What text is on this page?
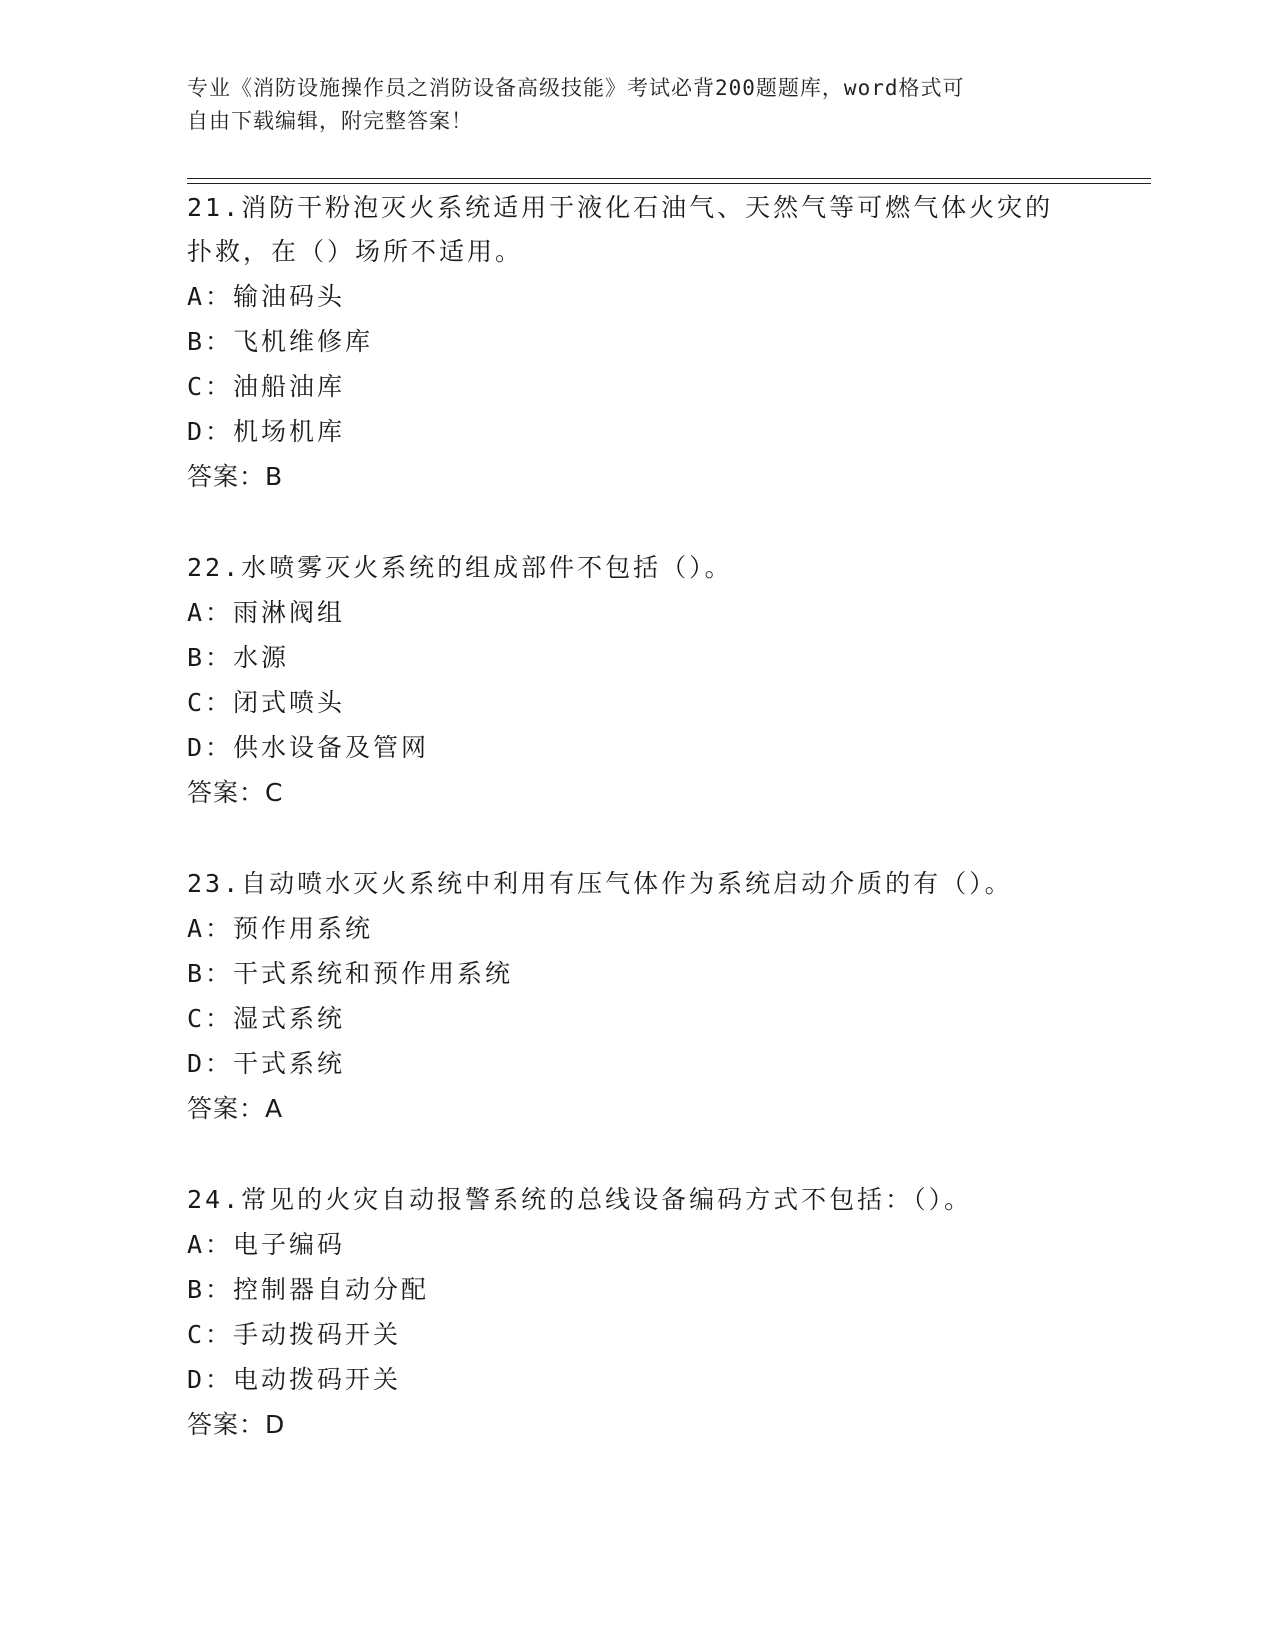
专业《消防设施操作员之消防设备高级技能》考试必背200题题库，word格式可
自由下载编辑，附完整答案！

21.消防干粉泡灭火系统适用于液化石油气、天然气等可燃气体火灾的

扑救，在（）场所不适用。

A：输油码头

B：飞机维修库

C：油船油库

D：机场机库

答案：B

22.水喷雾灭火系统的组成部件不包括（）。

A：雨淋阀组

B：水源

C：闭式喷头

D：供水设备及管网

答案：C

23.自动喷水灭火系统中利用有压气体作为系统启动介质的有（）。

A：预作用系统

B：干式系统和预作用系统

C：湿式系统

D：干式系统

答案：A

24.常见的火灾自动报警系统的总线设备编码方式不包括：（）。

A：电子编码

B：控制器自动分配

C：手动拨码开关

D：电动拨码开关

答案：D
